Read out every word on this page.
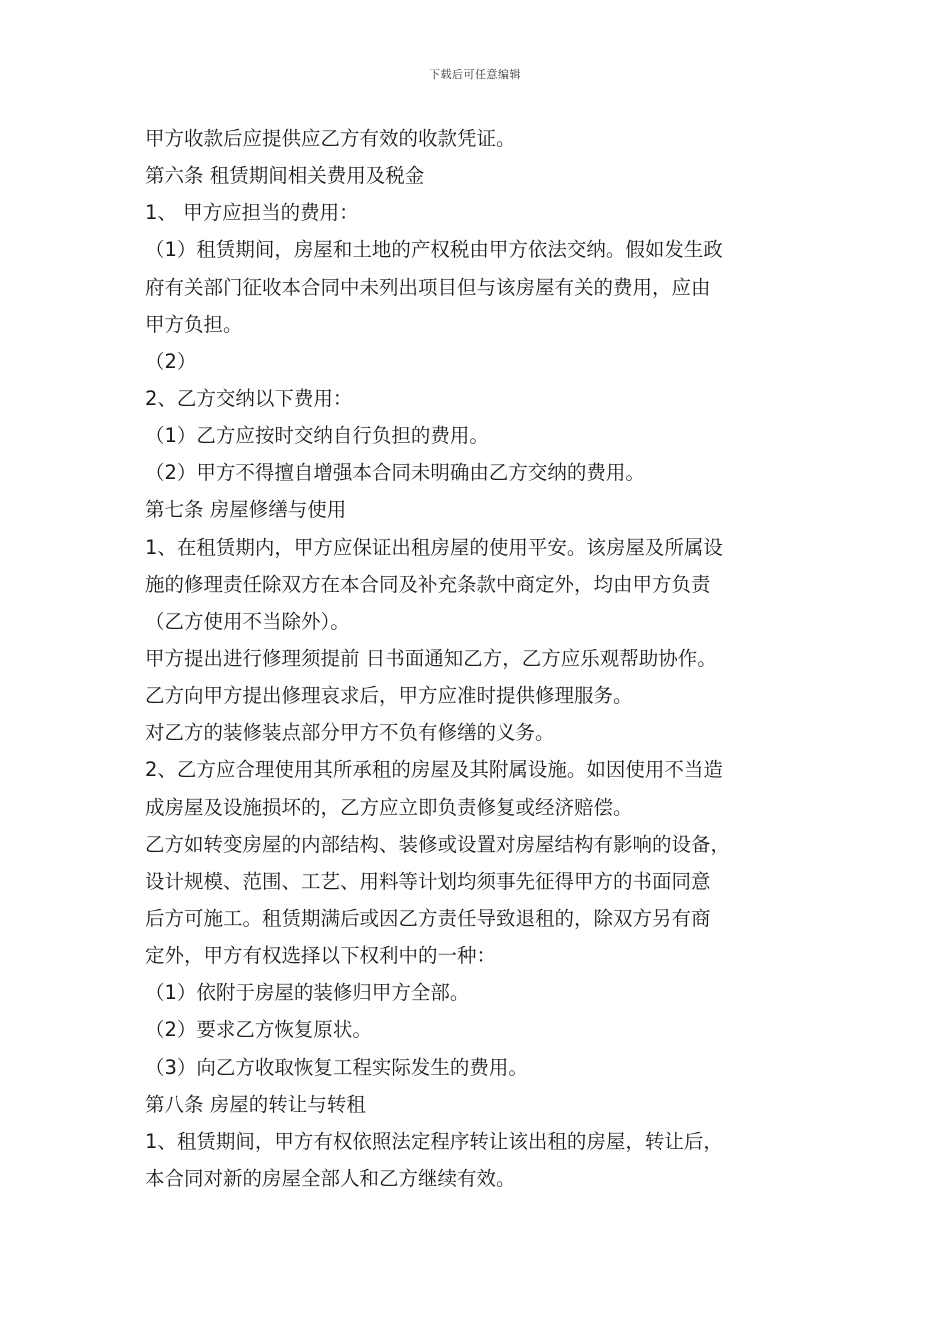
下载后可任意编辑
甲方收款后应提供应乙方有效的收款凭证。
第六条 租赁期间相关费用及税金
1、 甲方应担当的费用：
（1）租赁期间，房屋和土地的产权税由甲方依法交纳。假如发生政
府有关部门征收本合同中未列出项目但与该房屋有关的费用，应由
甲方负担。
（2）
2、乙方交纳以下费用：
（1）乙方应按时交纳自行负担的费用。
（2）甲方不得擅自增强本合同未明确由乙方交纳的费用。
第七条 房屋修缮与使用
1、在租赁期内，甲方应保证出租房屋的使用平安。该房屋及所属设
施的修理责任除双方在本合同及补充条款中商定外，均由甲方负责
（乙方使用不当除外）。
甲方提出进行修理须提前 日书面通知乙方，乙方应乐观帮助协作。
乙方向甲方提出修理哀求后，甲方应准时提供修理服务。
对乙方的装修装点部分甲方不负有修缮的义务。
2、乙方应合理使用其所承租的房屋及其附属设施。如因使用不当造
成房屋及设施损坏的，乙方应立即负责修复或经济赔偿。
乙方如转变房屋的内部结构、装修或设置对房屋结构有影响的设备，
设计规模、范围、工艺、用料等计划均须事先征得甲方的书面同意
后方可施工。租赁期满后或因乙方责任导致退租的，除双方另有商
定外，甲方有权选择以下权利中的一种：
（1）依附于房屋的装修归甲方全部。
（2）要求乙方恢复原状。
（3）向乙方收取恢复工程实际发生的费用。
第八条 房屋的转让与转租
1、租赁期间，甲方有权依照法定程序转让该出租的房屋，转让后，
本合同对新的房屋全部人和乙方继续有效。
